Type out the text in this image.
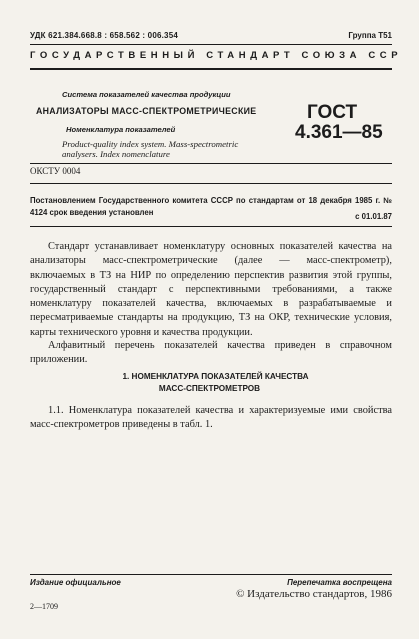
УДК 621.384.668.8 : 658.562 : 006.354	Группа Т51
ГОСУДАРСТВЕННЫЙ СТАНДАРТ СОЮЗА ССР
Система показателей качества продукции
АНАЛИЗАТОРЫ МАСС-СПЕКТРОМЕТРИЧЕСКИЕ
Номенклатура показателей
Product-quality index system. Mass-spectrometric
analysers. Index nomenclature
ГОСТ
4.361—85
ОКСТУ 0004
Постановлением Государственного комитета СССР по стандартам от 18 декабря 1985 г. № 4124 срок введения установлен	с 01.01.87

Стандарт устанавливает номенклатуру основных показателей качества на анализаторы масс-спектрометрические (далее — масс-спектрометр), включаемых в ТЗ на НИР по определению перспектив развития этой группы, государственный стандарт с перспективными требованиями, а также номенклатуру показателей качества, включаемых в разрабатываемые и пересматриваемые стандарты на продукцию, ТЗ на ОКР, технические условия, карты технического уровня и качества продукции.

Алфавитный перечень показателей качества приведен в справочном приложении.

1. НОМЕНКЛАТУРА ПОКАЗАТЕЛЕЙ КАЧЕСТВА
МАСС-СПЕКТРОМЕТРОВ

1.1. Номенклатура показателей качества и характеризуемые ими свойства масс-спектрометров приведены в табл. 1.

Издание официальное	Перепечатка воспрещена
© Издательство стандартов, 1986
2—1709
